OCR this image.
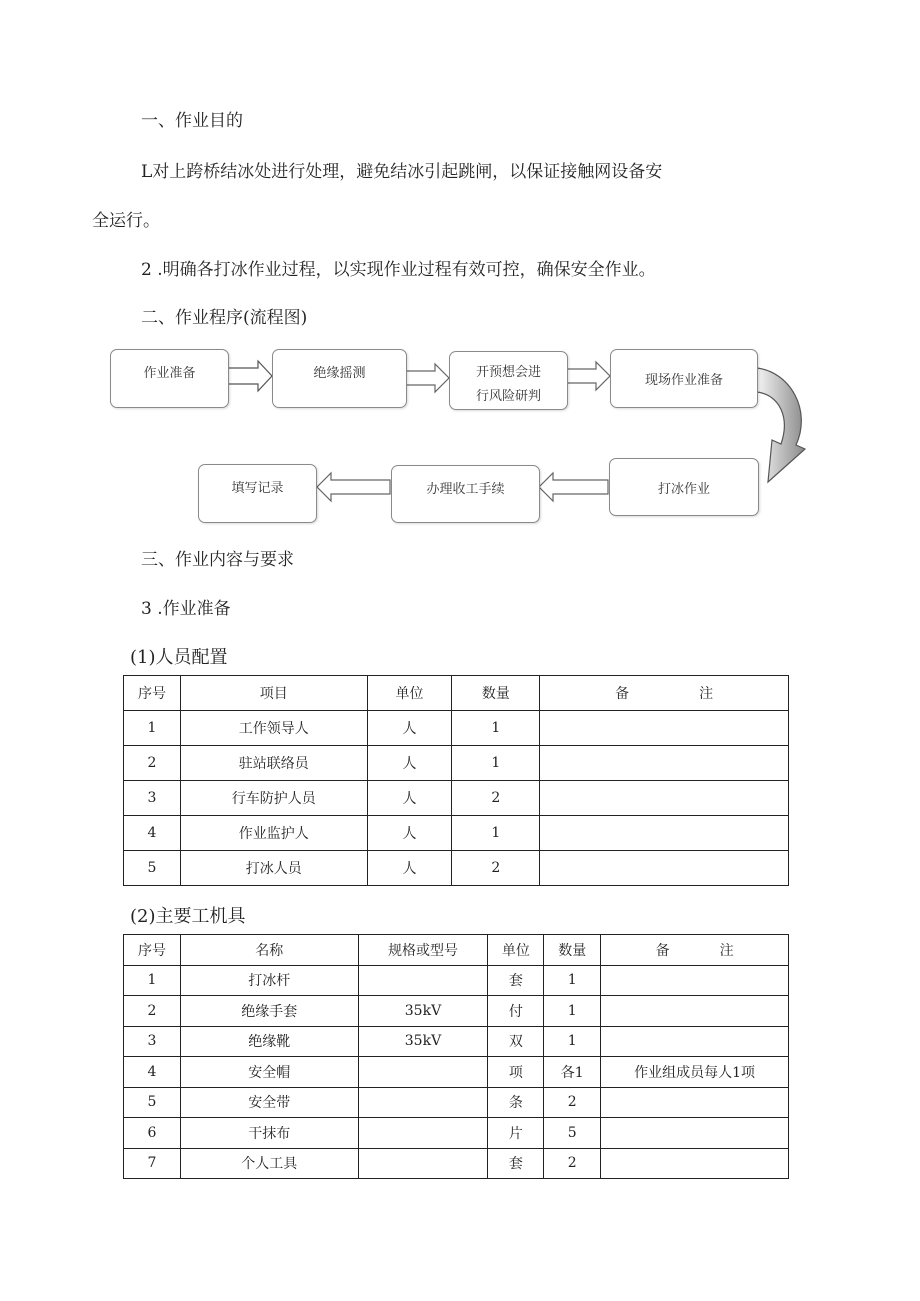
一、作业目的
L对上跨桥结冰处进行处理，避免结冰引起跳闸，以保证接触网设备安
全运行。
2 .明确各打冰作业过程，以实现作业过程有效可控，确保安全作业。
二、作业程序(流程图)
作业准备	绝缘摇测	开预想会进
行风险研判
现场作业准备
打冰作业
办理收工手续
填写记录
三、作业内容与要求
3 .作业准备
(1)人员配置
序号	项目	单位	数量	备 注
1	工作领导人	人	1	
2	驻站联络员	人	1	
3	行车防护人员	人	2	
4	作业监护人	人	1	
5	打冰人员	人	2	
(2)主要工机具
序号	名称	规格或型号	单位	数量	备 注
1	打冰杆		套	1	
2	绝缘手套	35kV	付	1	
3	绝缘靴	35kV	双	1	
4	安全帽		项	各1	作业组成员每人1项
5	安全带		条	2	
6	干抹布		片	5	
7	个人工具		套	2	
